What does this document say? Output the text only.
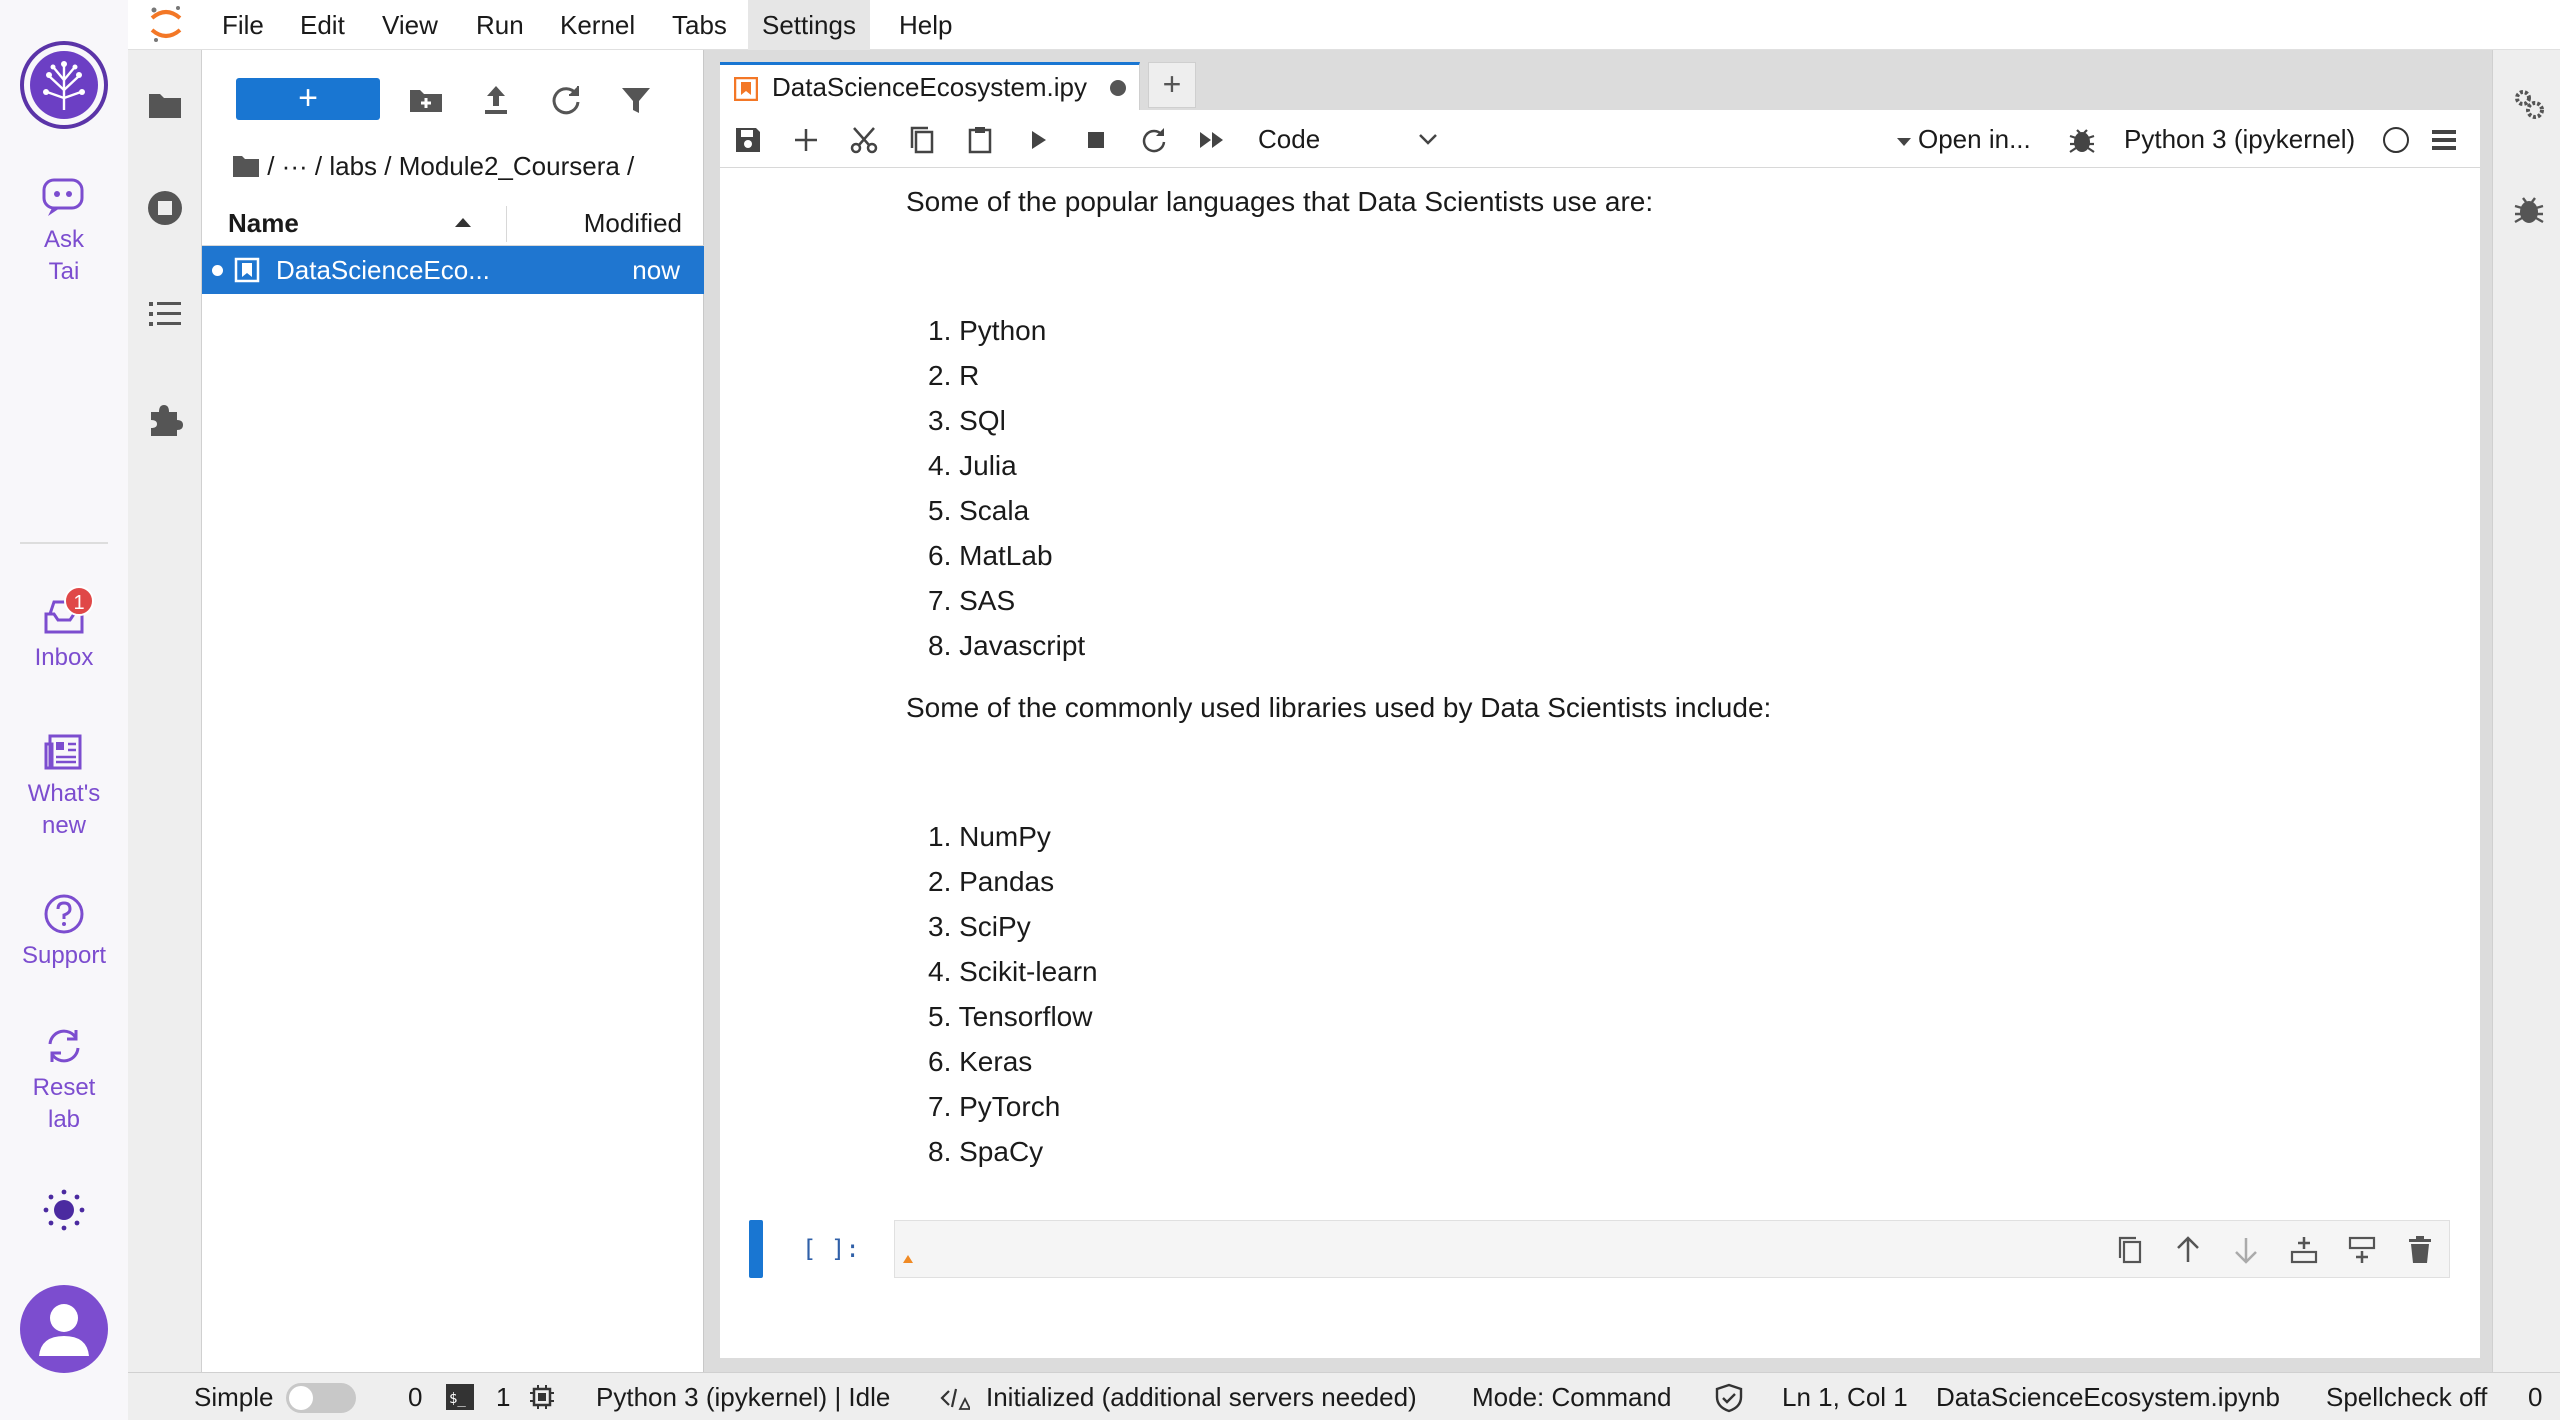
Ask
Tai
Inbox
1
What's
new
Support
Reset
lab
File	Edit	View	Run	Kernel	Tabs	Settings	Help
+
/ ··· / labs / Module2_Coursera /
Name	Modified
DataScienceEco...	now
DataScienceEcosystem.ipy	+
Code	Open in...	Python 3 (ipykernel)
Some of the popular languages that Data Scientists use are:
1. Python
2. R
3. SQl
4. Julia
5. Scala
6. MatLab
7. SAS
8. Javascript
Some of the commonly used libraries used by Data Scientists include:
1. NumPy
2. Pandas
3. SciPy
4. Scikit-learn
5. Tensorflow
6. Keras
7. PyTorch
8. SpaCy
[ ]:
Simple	0 $_ 1	Python 3 (ipykernel) | Idle	Initialized (additional servers needed) Mode: Command	Ln 1, Col 1 DataScienceEcosystem.ipynb Spellcheck off 0
